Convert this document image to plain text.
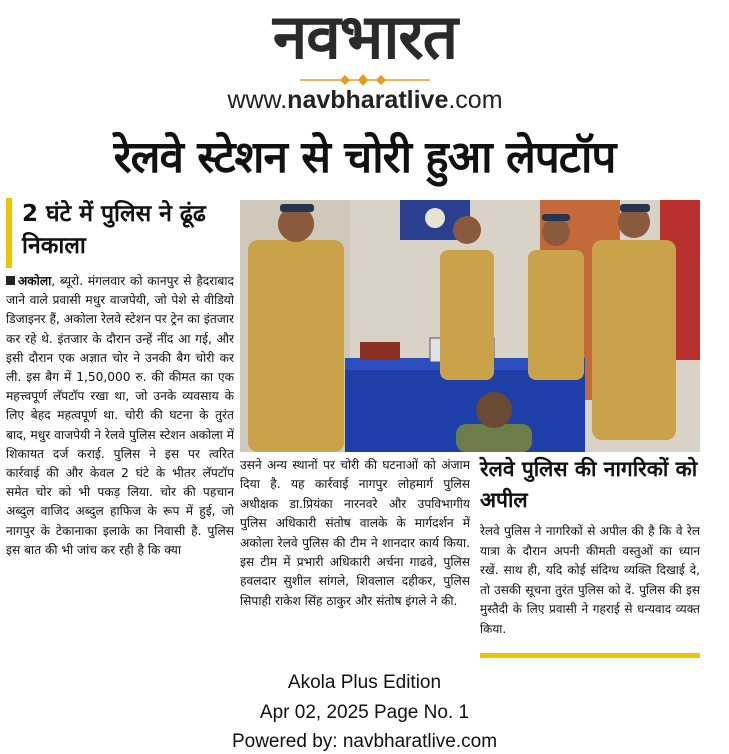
नवभारत
www.navbharatlive.com
रेलवे स्टेशन से चोरी हुआ लेपटॉप
2 घंटे में पुलिस ने ढूंढ निकाला
अकोला, ब्यूरो. मंगलवार को कानपुर से हैदराबाद जाने वाले प्रवासी मधुर वाजपेयी, जो पेशे से वीडियो डिजाइनर हैं, अकोला रेलवे स्टेशन पर ट्रेन का इंतजार कर रहे थे. इंतजार के दौरान उन्हें नींद आ गई, और इसी दौरान एक अज्ञात चोर ने उनकी बैग चोरी कर ली. इस बैग में 1,50,000 रु. की कीमत का एक महत्त्वपूर्ण लॅपटॉप रखा था, जो उनके व्यवसाय के लिए बेहद महत्वपूर्ण था. चोरी की घटना के तुरंत बाद, मधुर वाजपेयी ने रेलवे पुलिस स्टेशन अकोला में शिकायत दर्ज कराई. पुलिस ने इस पर त्वरित कार्रवाई की और केवल 2 घंटे के भीतर लॅपटॉप समेत चोर को भी पकड़ लिया. चोर की पहचान अब्दुल वाजिद अब्दुल हाफिज के रूप में हुई, जो नागपुर के टेकानाका इलाके का निवासी है. पुलिस इस बात की भी जांच कर रही है कि क्या
उसने अन्य स्थानों पर चोरी की घटनाओं को अंजाम दिया है. यह कार्रवाई नागपुर लोहमार्ग पुलिस अधीक्षक डा.प्रियंका नारनवरे और उपविभागीय पुलिस अधिकारी संतोष वालके के मार्गदर्शन में अकोला रेलवे पुलिस की टीम ने शानदार कार्य किया. इस टीम में प्रभारी अधिकारी अर्चना गाढवे, पुलिस हवलदार सुशील सांगले, शिवलाल दहीकर, पुलिस सिपाही राकेश सिंह ठाकुर और संतोष इंगले ने की.
रेलवे पुलिस की नागरिकों को अपील
रेलवे पुलिस ने नागरिकों से अपील की है कि वे रेल यात्रा के दौरान अपनी कीमती वस्तुओं का ध्यान रखें. साथ ही, यदि कोई संदिग्ध व्यक्ति दिखाई दे, तो उसकी सूचना तुरंत पुलिस को दें. पुलिस की इस मुस्तैदी के लिए प्रवासी ने गहराई से धन्यवाद व्यक्त किया.
Akola Plus Edition
Apr 02, 2025 Page No. 1
Powered by: navbharatlive.com
